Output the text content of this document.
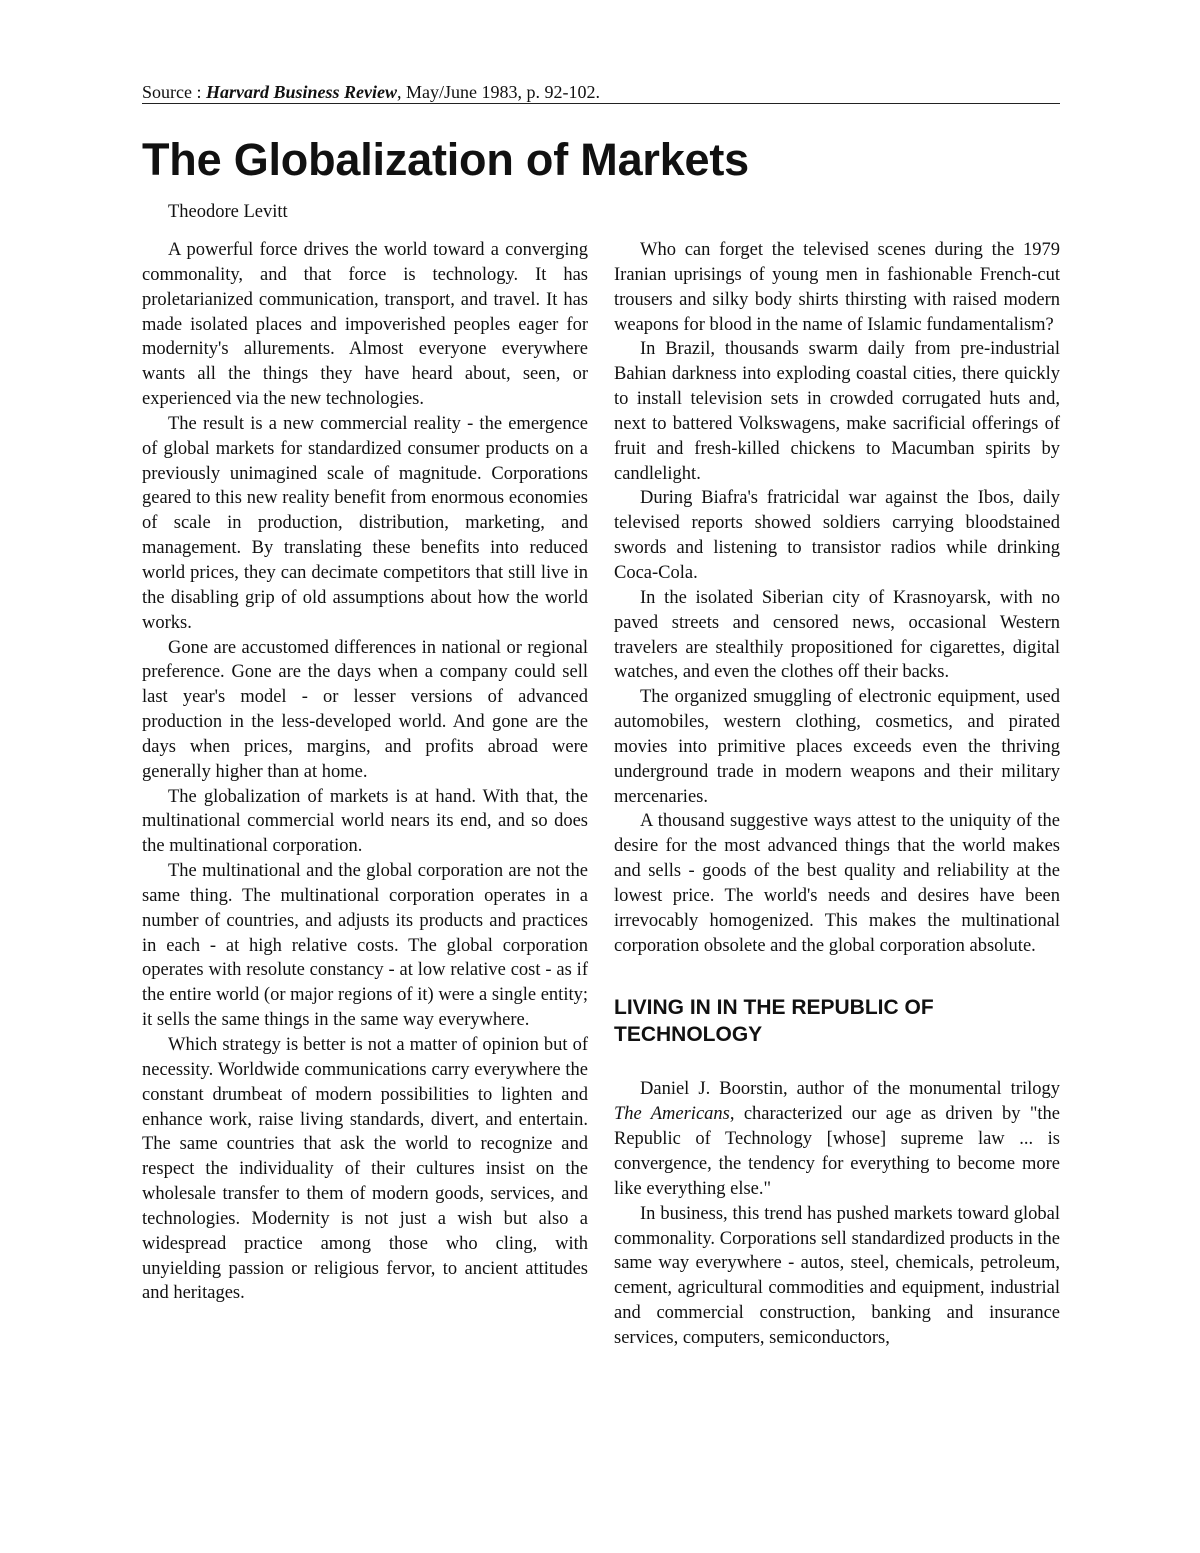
Source : Harvard Business Review, May/June 1983, p. 92-102.
The Globalization of Markets
Theodore Levitt

A powerful force drives the world toward a converging commonality, and that force is technology. It has proletarianized communication, transport, and travel. It has made isolated places and impoverished peoples eager for modernity's allurements. Almost everyone everywhere wants all the things they have heard about, seen, or experienced via the new technologies.

The result is a new commercial reality - the emergence of global markets for standardized consumer products on a previously unimagined scale of magnitude. Corporations geared to this new reality benefit from enormous economies of scale in production, distribution, marketing, and management. By translating these benefits into reduced world prices, they can decimate competitors that still live in the disabling grip of old assumptions about how the world works.

Gone are accustomed differences in national or regional preference. Gone are the days when a company could sell last year's model - or lesser versions of advanced production in the less-developed world. And gone are the days when prices, margins, and profits abroad were generally higher than at home.

The globalization of markets is at hand. With that, the multinational commercial world nears its end, and so does the multinational corporation.

The multinational and the global corporation are not the same thing. The multinational corporation operates in a number of countries, and adjusts its products and practices in each - at high relative costs. The global corporation operates with resolute constancy - at low relative cost - as if the entire world (or major regions of it) were a single entity; it sells the same things in the same way everywhere.

Which strategy is better is not a matter of opinion but of necessity. Worldwide communications carry everywhere the constant drumbeat of modern possibilities to lighten and enhance work, raise living standards, divert, and entertain. The same countries that ask the world to recognize and respect the individuality of their cultures insist on the wholesale transfer to them of modern goods, services, and technologies. Modernity is not just a wish but also a widespread practice among those who cling, with unyielding passion or religious fervor, to ancient attitudes and heritages.

Who can forget the televised scenes during the 1979 Iranian uprisings of young men in fashionable French-cut trousers and silky body shirts thirsting with raised modern weapons for blood in the name of Islamic fundamentalism?

In Brazil, thousands swarm daily from pre-industrial Bahian darkness into exploding coastal cities, there quickly to install television sets in crowded corrugated huts and, next to battered Volkswagens, make sacrificial offerings of fruit and fresh-killed chickens to Macumban spirits by candlelight.

During Biafra's fratricidal war against the Ibos, daily televised reports showed soldiers carrying bloodstained swords and listening to transistor radios while drinking Coca-Cola.

In the isolated Siberian city of Krasnoyarsk, with no paved streets and censored news, occasional Western travelers are stealthily propositioned for cigarettes, digital watches, and even the clothes off their backs.

The organized smuggling of electronic equipment, used automobiles, western clothing, cosmetics, and pirated movies into primitive places exceeds even the thriving underground trade in modern weapons and their military mercenaries.

A thousand suggestive ways attest to the uniquity of the desire for the most advanced things that the world makes and sells - goods of the best quality and reliability at the lowest price. The world's needs and desires have been irrevocably homogenized. This makes the multinational corporation obsolete and the global corporation absolute.

LIVING IN IN THE REPUBLIC OF TECHNOLOGY

Daniel J. Boorstin, author of the monumental trilogy The Americans, characterized our age as driven by "the Republic of Technology [whose] supreme law ... is convergence, the tendency for everything to become more like everything else."

In business, this trend has pushed markets toward global commonality. Corporations sell standardized products in the same way everywhere - autos, steel, chemicals, petroleum, cement, agricultural commodities and equipment, industrial and commercial construction, banking and insurance services, computers, semiconductors,
